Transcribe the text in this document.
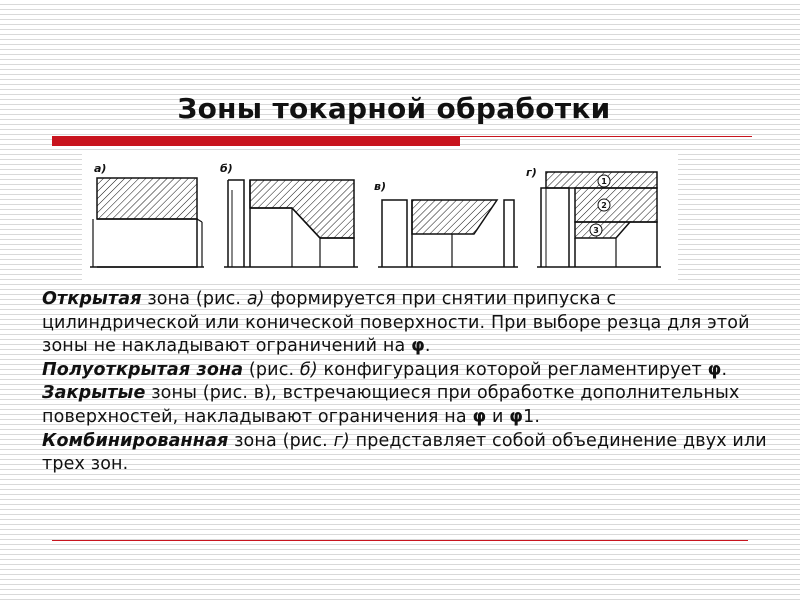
Зоны токарной обработки
а)	б)
в)
г)
1
2
3

Открытая зона (рис. а) формируется при снятии припуска с цилиндрической или конической поверхности. При выборе резца для этой зоны не накладывают ограничений на φ.

Полуоткрытая зона (рис. б) конфигурация которой регламентирует φ.

Закрытые зоны (рис. в), встречающиеся при обработке дополнительных поверхностей, накладывают ограничения на φ и φ1.

Комбинированная зона (рис. г) представляет собой объединение двух или трех зон.
